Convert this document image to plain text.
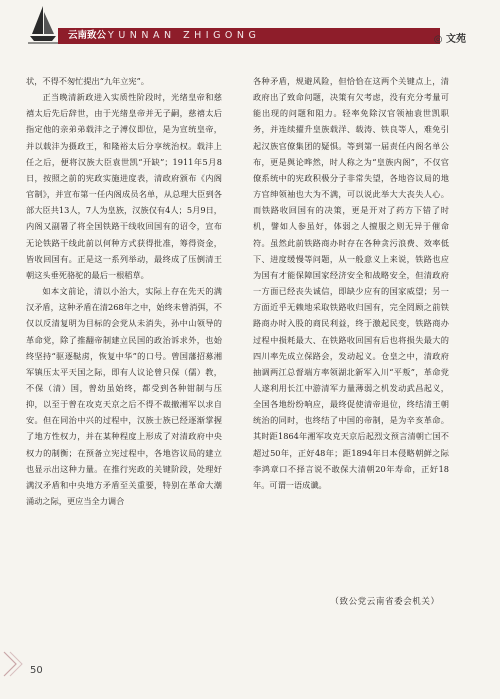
云南致公 YUNNAN ZHIGONG	◎ 文苑

状，不得不匆忙提出“九年立宪”。

正当晚清新政进入实质性阶段时，光绪皇帝和慈禧太后先后辞世，由于光绪皇帝并无子嗣，慈禧太后指定他的亲弟弟载沣之子溥仪即位，是为宣统皇帝，并以载沣为摄政王，和隆裕太后分享统治权。载沣上任之后，便将汉族大臣袁世凯“开缺”；1911年5月8日，按照之前的宪政实施进度表，清政府颁布《内阁官制》，并宣布第一任内阁成员名单，从总理大臣到各部大臣共13人，7人为皇族，汉族仅有4人；5月9日，内阁又副署了将全国铁路干线收回国有的诏令，宣布无论铁路干线此前以何种方式获得批准，筹得资金，皆收回国有。正是这一系列举动，最终成了压倒清王朝这头垂死骆驼的最后一根稻草。

如本文前论，清以小治大，实际上存在先天的满汉矛盾，这种矛盾在清268年之中，始终未曾消弭，不仅以反清复明为目标的会党从未消失，孙中山领导的革命党，除了推翻帝制建立民国的政治诉求外，也始终坚持“驱逐鞑虏，恢复中华”的口号。曾国藩招募湘军镇压太平天国之际，即有人议论曾只保（儒）教，不保（清）国，曾幼虽始终，都受到各种钳制与压抑，以至于曾在攻克天京之后不得不裁撤湘军以求自安。但在同治中兴的过程中，汉族士族已经逐渐掌握了地方性权力，并在某种程度上形成了对清政府中央权力的制衡；在预备立宪过程中，各地咨议局的建立也显示出这种力量。在推行宪政的关键阶段，处理好满汉矛盾和中央地方矛盾至关重要，特别在革命大潮涌动之际，更应当全力调合

各种矛盾，规避风险，但恰恰在这两个关键点上，清政府出了致命问题，决策有欠考虑，没有充分考量可能出现的问题和阻力。轻率免除汉官领袖袁世凯职务，并连续擢升皇族载洋、载涛、铁良等人，难免引起汉族官僚集团的疑惧。等到第一届责任内阁名单公布，更是舆论哗然，时人称之为“皇族内阁”，不仅官僚系统中的宪政积极分子非常失望，各地咨议局的地方官绅领袖也大为不满，可以说此举大大丧失人心。而铁路收回国有的决策，更是开对了药方下错了时机，譬如人参虽好，体弱之人擅服之则无异于催命符。虽然此前铁路商办时存在各种贪污浪费、效率低下、进度缓慢等问题，从一般意义上来说，铁路也应为国有才能保障国家经济安全和战略安全，但清政府一方面已经丧失诚信，即缺少应有的国家威望；另一方面近乎无赖地采取铁路收归国有，完全罔顾之前铁路商办时入股的商民利益，终于激起民变，铁路商办过程中损耗最大、在铁路收回国有后也将损失最大的四川率先成立保路会，发动起义。仓皇之中，清政府抽调两江总督端方率领湖北新军入川“平叛”，革命党人遂利用长江中游清军力量薄弱之机发动武昌起义，全国各地纷纷响应，最终促使清帝退位，终结清王朝统治的同时，也终结了中国的帝制，是为辛亥革命。其时距1864年湘军攻克天京后起烈文预言清朝亡国不超过50年，正好48年；距1894年日本侵略朝鲜之际李鸿章口不择言说不敢保大清朝20年寿命，正好18年。可谓一语成谶。

（致公党云南省委会机关）
50
